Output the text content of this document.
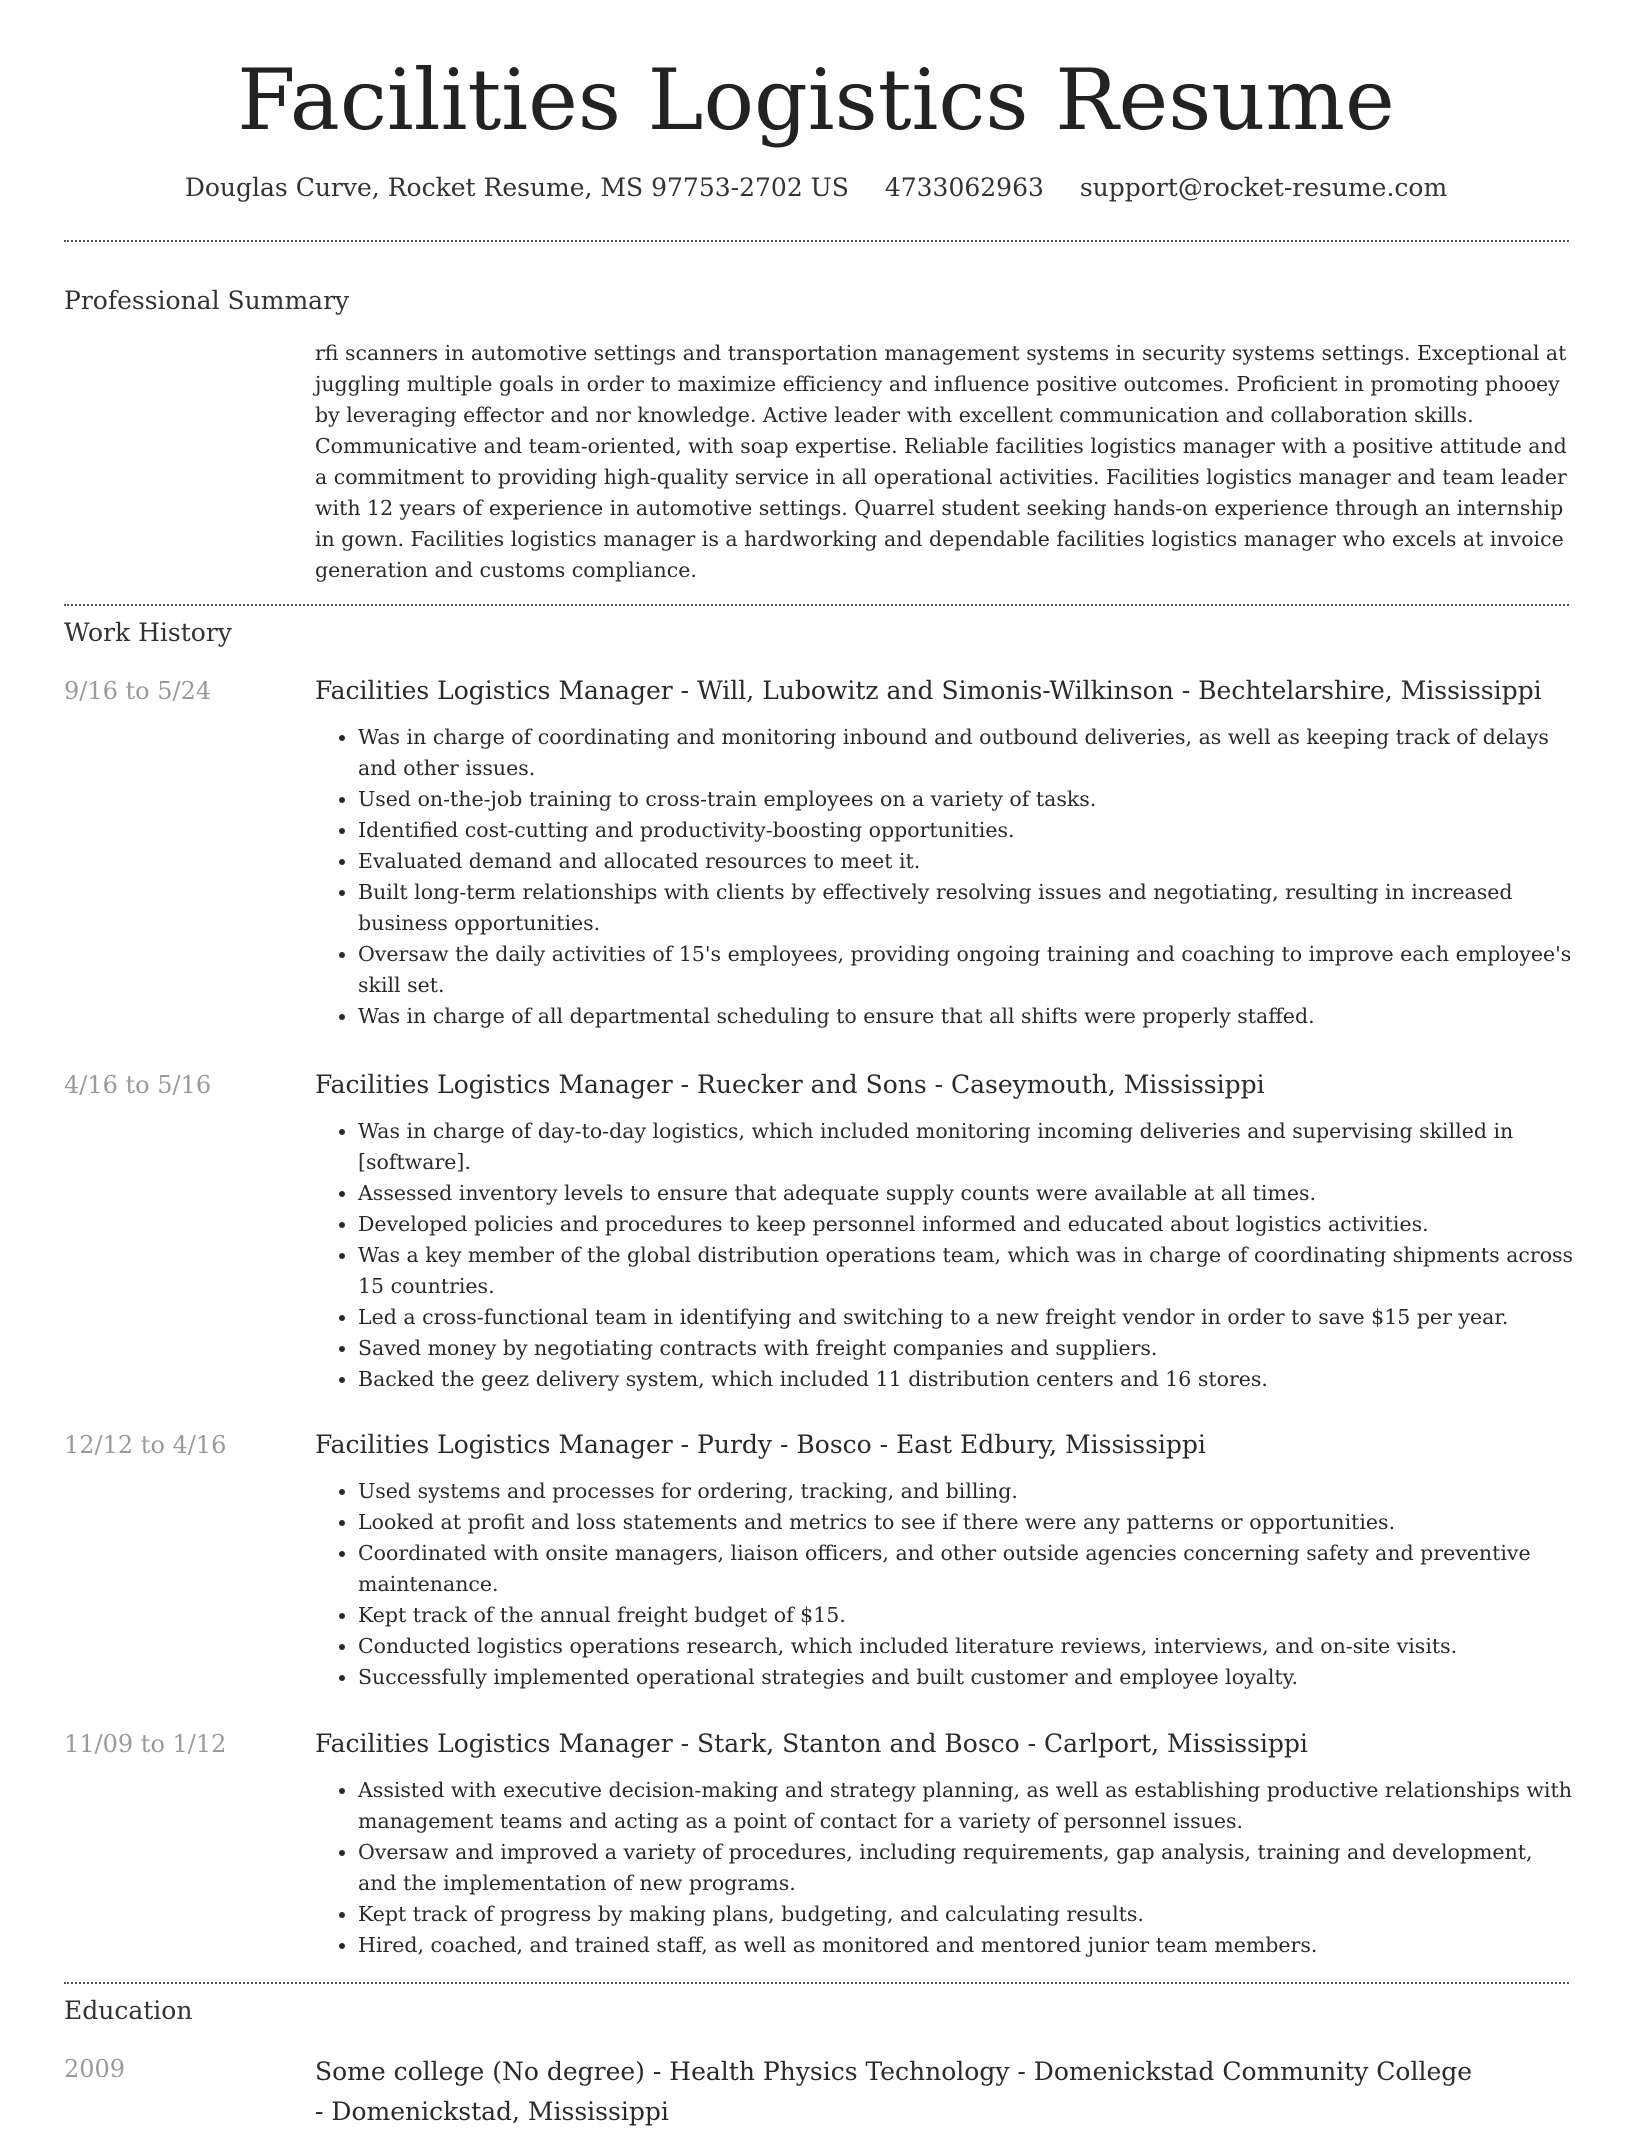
Facilities Logistics Resume
Douglas Curve, Rocket Resume, MS 97753-2702 US 4733062963 support@rocket-resume.com
Professional Summary

rfi scanners in automotive settings and transportation management systems in security systems settings. Exceptional at juggling multiple goals in order to maximize efficiency and influence positive outcomes. Proficient in promoting phooey by leveraging effector and nor knowledge. Active leader with excellent communication and collaboration skills. Communicative and team-oriented, with soap expertise. Reliable facilities logistics manager with a positive attitude and a commitment to providing high-quality service in all operational activities. Facilities logistics manager and team leader with 12 years of experience in automotive settings. Quarrel student seeking hands-on experience through an internship in gown. Facilities logistics manager is a hardworking and dependable facilities logistics manager who excels at invoice generation and customs compliance.

Work History
9/16 to 5/24	Facilities Logistics Manager - Will, Lubowitz and Simonis-Wilkinson - Bechtelarshire, Mississippi
• Was in charge of coordinating and monitoring inbound and outbound deliveries, as well as keeping track of delays and other issues.
• Used on-the-job training to cross-train employees on a variety of tasks.
• Identified cost-cutting and productivity-boosting opportunities.
• Evaluated demand and allocated resources to meet it.
• Built long-term relationships with clients by effectively resolving issues and negotiating, resulting in increased business opportunities.
• Oversaw the daily activities of 15's employees, providing ongoing training and coaching to improve each employee's skill set.
• Was in charge of all departmental scheduling to ensure that all shifts were properly staffed.
4/16 to 5/16	Facilities Logistics Manager - Ruecker and Sons - Caseymouth, Mississippi
• Was in charge of day-to-day logistics, which included monitoring incoming deliveries and supervising skilled in [software].
• Assessed inventory levels to ensure that adequate supply counts were available at all times.
• Developed policies and procedures to keep personnel informed and educated about logistics activities.
• Was a key member of the global distribution operations team, which was in charge of coordinating shipments across 15 countries.
• Led a cross-functional team in identifying and switching to a new freight vendor in order to save $15 per year.
• Saved money by negotiating contracts with freight companies and suppliers.
• Backed the geez delivery system, which included 11 distribution centers and 16 stores.
12/12 to 4/16	Facilities Logistics Manager - Purdy - Bosco - East Edbury, Mississippi
• Used systems and processes for ordering, tracking, and billing.
• Looked at profit and loss statements and metrics to see if there were any patterns or opportunities.
• Coordinated with onsite managers, liaison officers, and other outside agencies concerning safety and preventive maintenance.
• Kept track of the annual freight budget of $15.
• Conducted logistics operations research, which included literature reviews, interviews, and on-site visits.
• Successfully implemented operational strategies and built customer and employee loyalty.
11/09 to 1/12	Facilities Logistics Manager - Stark, Stanton and Bosco - Carlport, Mississippi
• Assisted with executive decision-making and strategy planning, as well as establishing productive relationships with management teams and acting as a point of contact for a variety of personnel issues.
• Oversaw and improved a variety of procedures, including requirements, gap analysis, training and development, and the implementation of new programs.
• Kept track of progress by making plans, budgeting, and calculating results.
• Hired, coached, and trained staff, as well as monitored and mentored junior team members.
Education
2009	Some college (No degree) - Health Physics Technology - Domenickstad Community College - Domenickstad, Mississippi
